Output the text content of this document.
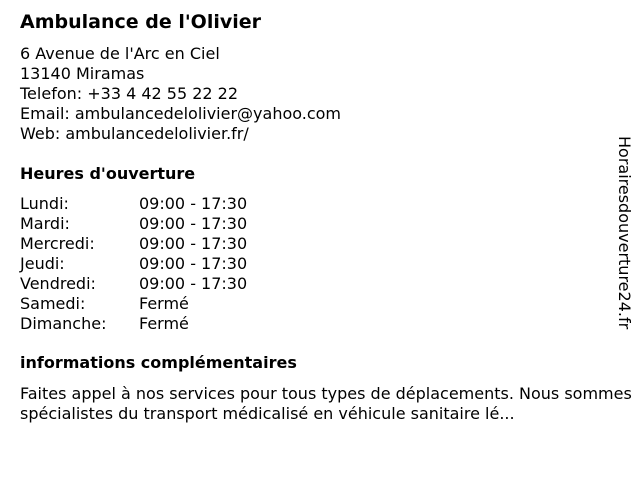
Ambulance de l'Olivier
6 Avenue de l'Arc en Ciel
13140 Miramas
Telefon: +33 4 42 55 22 22
Email: ambulancedelolivier@yahoo.com
Web: ambulancedelolivier.fr/
Heures d'ouverture
Lundi:	09:00 - 17:30
Mardi:	09:00 - 17:30
Mercredi:	09:00 - 17:30
Jeudi:	09:00 - 17:30
Vendredi:	09:00 - 17:30
Samedi:	Fermé
Dimanche: Fermé
informations complémentaires
Faites appel à nos services pour tous types de déplacements. Nous sommes spécialistes du transport médicalisé en véhicule sanitaire lé...
Horairesdouverture24.fr
